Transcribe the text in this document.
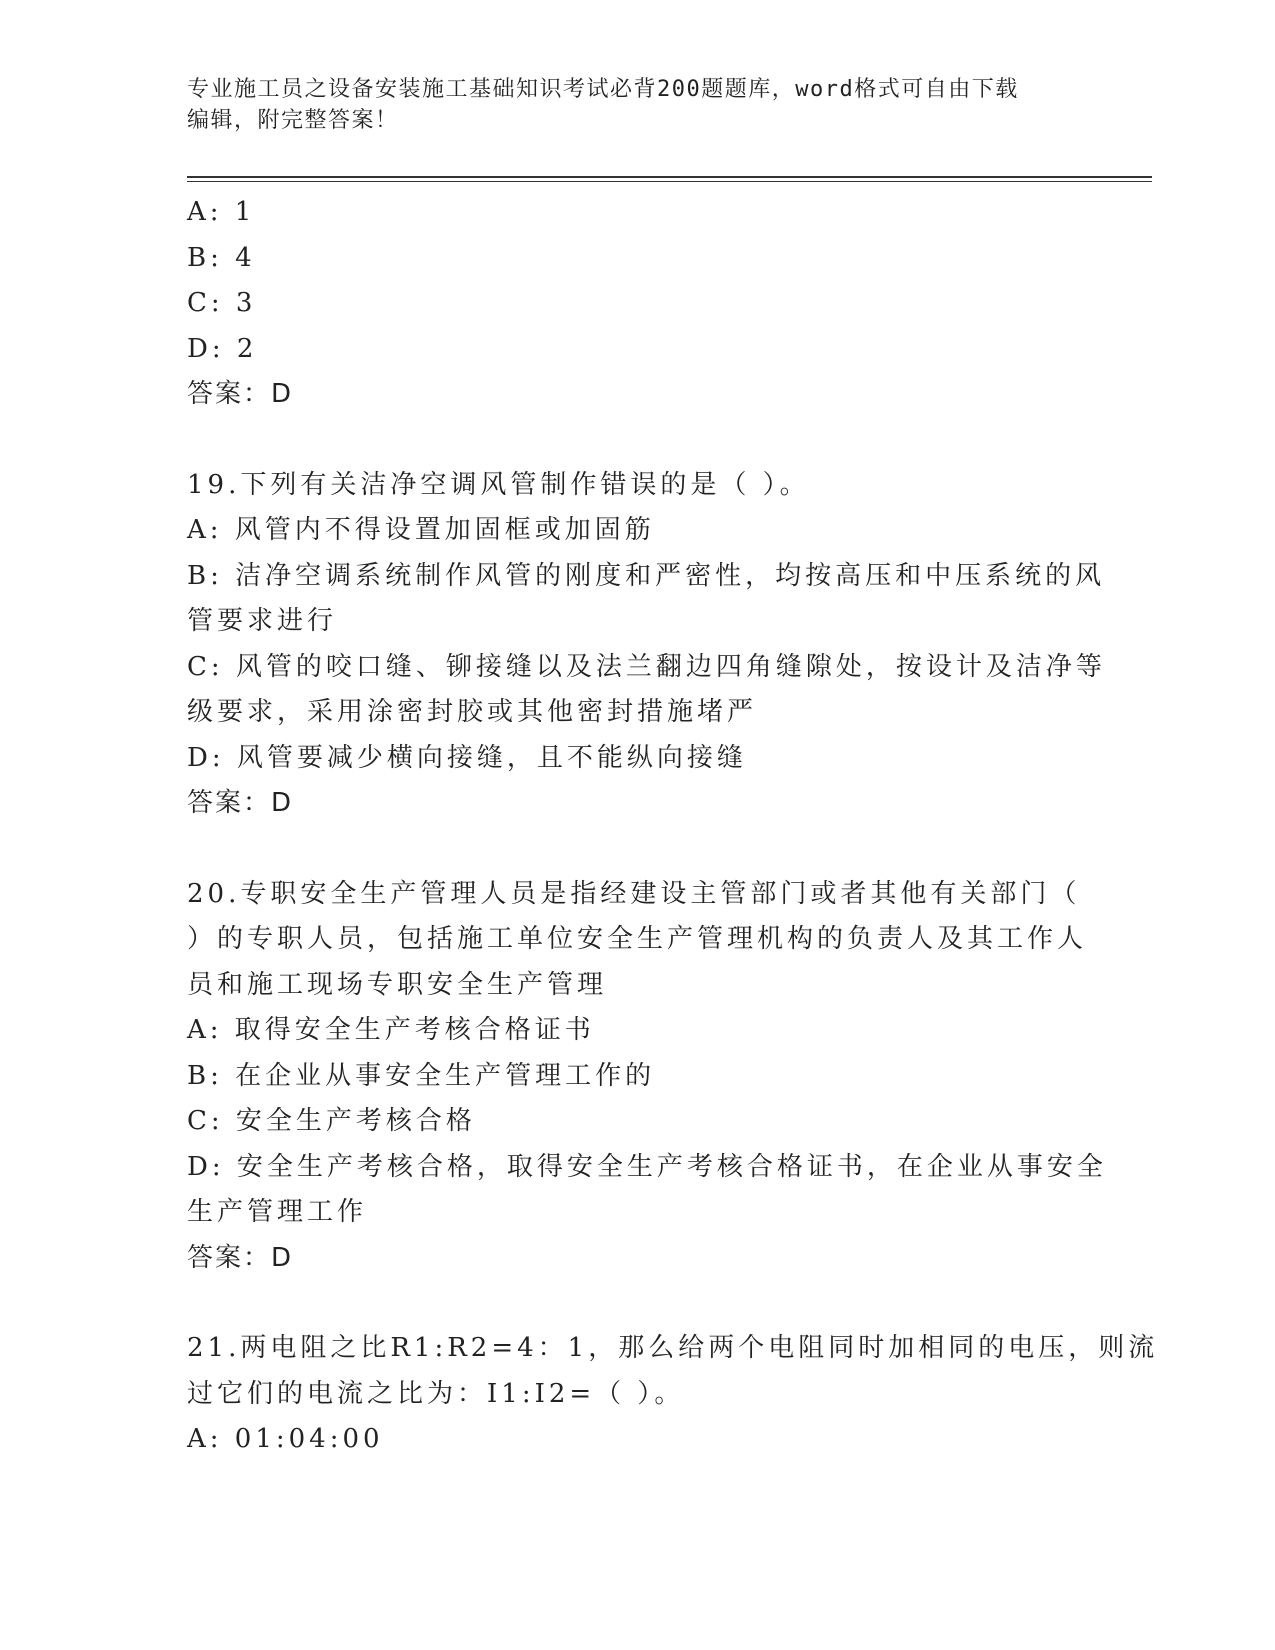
专业施工员之设备安装施工基础知识考试必背200题题库，word格式可自由下载
编辑，附完整答案！
A: 1
B: 4
C: 3
D: 2
答案：D
19.下列有关洁净空调风管制作错误的是（ ）。
A: 风管内不得设置加固框或加固筋
B: 洁净空调系统制作风管的刚度和严密性，均按高压和中压系统的风
管要求进行
C: 风管的咬口缝、铆接缝以及法兰翻边四角缝隙处，按设计及洁净等
级要求，采用涂密封胶或其他密封措施堵严
D: 风管要减少横向接缝，且不能纵向接缝
答案：D
20.专职安全生产管理人员是指经建设主管部门或者其他有关部门（
）的专职人员，包括施工单位安全生产管理机构的负责人及其工作人
员和施工现场专职安全生产管理
A: 取得安全生产考核合格证书
B: 在企业从事安全生产管理工作的
C: 安全生产考核合格
D: 安全生产考核合格，取得安全生产考核合格证书，在企业从事安全
生产管理工作
答案：D
21.两电阻之比R1:R2=4：1，那么给两个电阻同时加相同的电压，则流
过它们的电流之比为：I1:I2=（ ）。
A: 01:04:00
